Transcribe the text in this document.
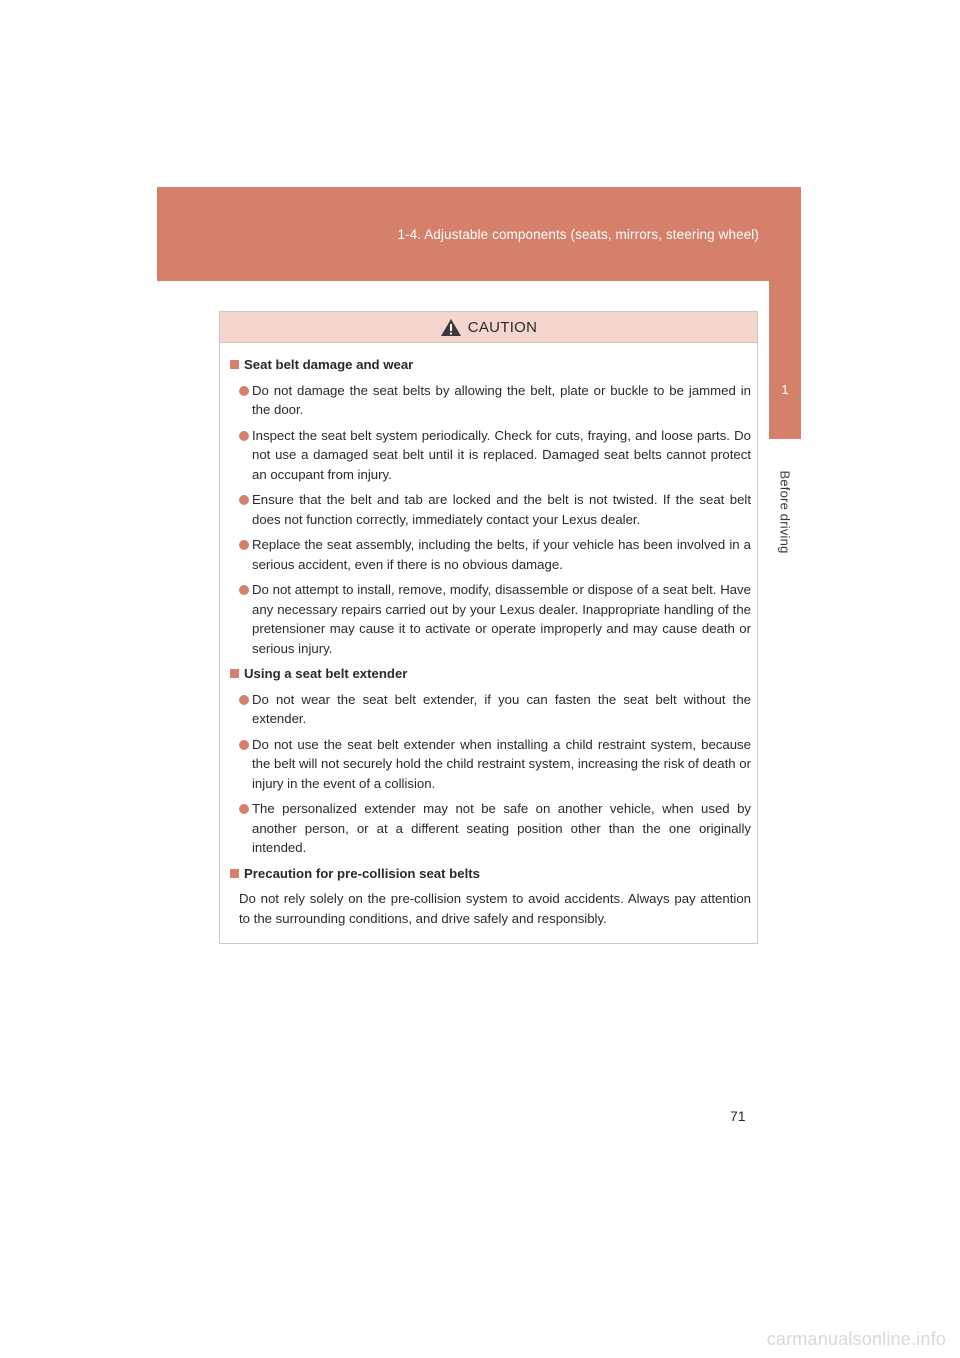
1-4. Adjustable components (seats, mirrors, steering wheel)
1
Before driving
CAUTION
Seat belt damage and wear
Do not damage the seat belts by allowing the belt, plate or buckle to be jammed in the door.
Inspect the seat belt system periodically. Check for cuts, fraying, and loose parts. Do not use a damaged seat belt until it is replaced. Damaged seat belts cannot protect an occupant from injury.
Ensure that the belt and tab are locked and the belt is not twisted. If the seat belt does not function correctly, immediately contact your Lexus dealer.
Replace the seat assembly, including the belts, if your vehicle has been involved in a serious accident, even if there is no obvious damage.
Do not attempt to install, remove, modify, disassemble or dispose of a seat belt. Have any necessary repairs carried out by your Lexus dealer. Inappropriate handling of the pretensioner may cause it to activate or operate improperly and may cause death or serious injury.
Using a seat belt extender
Do not wear the seat belt extender, if you can fasten the seat belt without the extender.
Do not use the seat belt extender when installing a child restraint system, because the belt will not securely hold the child restraint system, increasing the risk of death or injury in the event of a collision.
The personalized extender may not be safe on another vehicle, when used by another person, or at a different seating position other than the one originally intended.
Precaution for pre-collision seat belts
Do not rely solely on the pre-collision system to avoid accidents. Always pay attention to the surrounding conditions, and drive safely and responsibly.
71
carmanualsonline.info
